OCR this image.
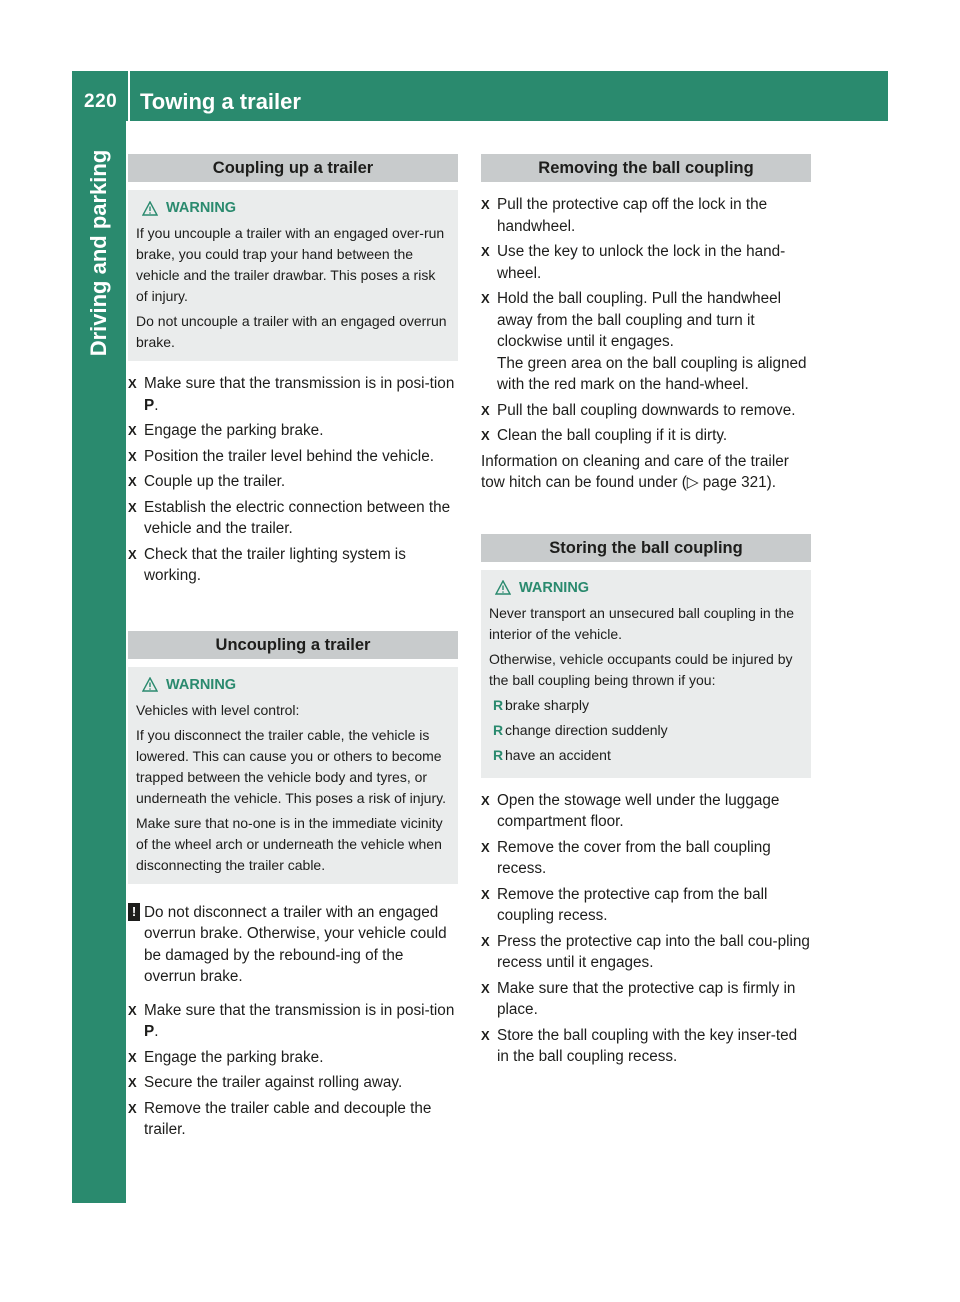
220 Towing a trailer
Driving and parking	Coupling up a trailer
WARNING

If you uncouple a trailer with an engaged over-run brake, you could trap your hand between the vehicle and the trailer drawbar. This poses a risk of injury.

Do not uncouple a trailer with an engaged overrun brake.

X Make sure that the transmission is in posi-tion P.
X Engage the parking brake.
X Position the trailer level behind the vehicle.
X Couple up the trailer.
X Establish the electric connection between the vehicle and the trailer.
X Check that the trailer lighting system is working.
Uncoupling a trailer
WARNING

Vehicles with level control:

If you disconnect the trailer cable, the vehicle is lowered. This can cause you or others to become trapped between the vehicle body and tyres, or underneath the vehicle. This poses a risk of injury.

Make sure that no-one is in the immediate vicinity of the wheel arch or underneath the vehicle when disconnecting the trailer cable.

! Do not disconnect a trailer with an engaged overrun brake. Otherwise, your vehicle could be damaged by the rebound-ing of the overrun brake.
X Make sure that the transmission is in posi-tion P.
X Engage the parking brake.
X Secure the trailer against rolling away.
X Remove the trailer cable and decouple the trailer.
Removing the ball coupling
X Pull the protective cap off the lock in the handwheel.
X Use the key to unlock the lock in the hand-wheel.
X Hold the ball coupling. Pull the handwheel away from the ball coupling and turn it clockwise until it engages.
The green area on the ball coupling is aligned with the red mark on the hand-wheel.
X Pull the ball coupling downwards to remove.
X Clean the ball coupling if it is dirty.

Information on cleaning and care of the trailer tow hitch can be found under (▷ page 321).

Storing the ball coupling
WARNING

Never transport an unsecured ball coupling in the interior of the vehicle.

Otherwise, vehicle occupants could be injured by the ball coupling being thrown if you:

R brake sharply
R change direction suddenly
R have an accident
X Open the stowage well under the luggage compartment floor.
X Remove the cover from the ball coupling recess.
X Remove the protective cap from the ball coupling recess.
X Press the protective cap into the ball cou-pling recess until it engages.
X Make sure that the protective cap is firmly in place.
X Store the ball coupling with the key inser-ted in the ball coupling recess.
